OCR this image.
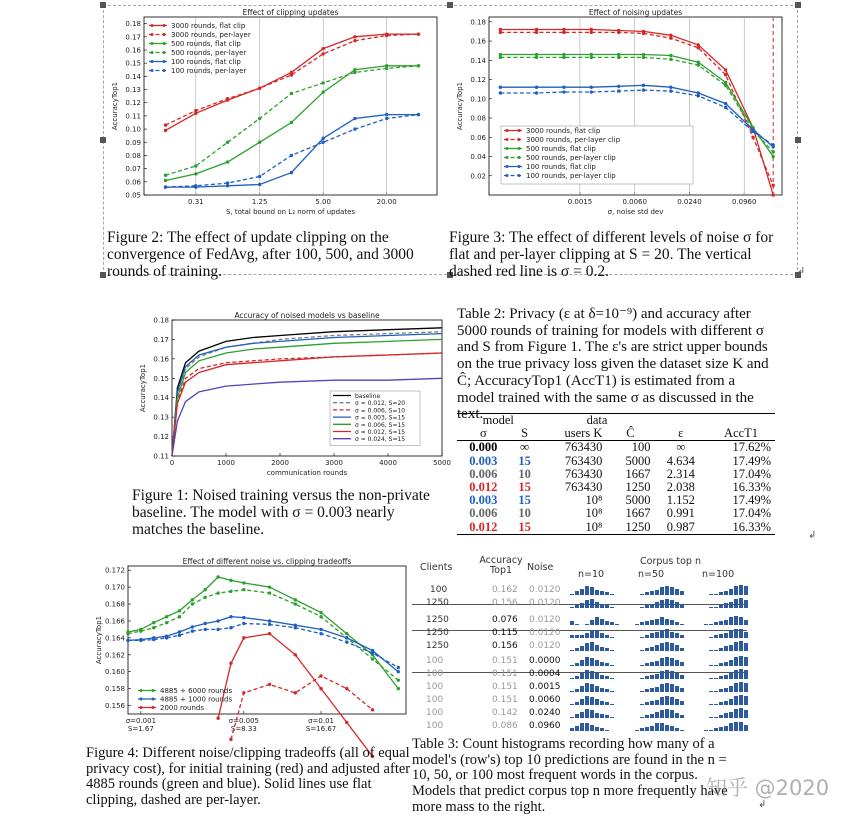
Effect of clipping updates
0.18
0.17
0.16
0.15
0.14
0.13
0.12
0.11
0.10
0.09
0.08
0.07
0.06
0.05
0.31	1.25	5.00	20.00
S, total bound on L₂ norm of updates
AccuracyTop1
3000 rounds, flat clip
3000 rounds, per-layer
500 rounds, flat clip
500 rounds, per-layer
100 rounds, flat clip
100 rounds, per-layer
Figure 2: The effect of update clipping on the convergence of FedAvg, after 100, 500, and 3000 rounds of training.
Effect of noising updates
0.18
0.16
0.14
0.12
0.10
0.08
0.06
0.04
0.02
0.0015	0.0060	0.0240	0.0960
σ, noise std dev
AccuracyTop1
3000 rounds, flat clip
3000 rounds, per-layer clip
500 rounds, flat clip
500 rounds, per-layer clip
100 rounds, flat clip
100 rounds, per-layer clip
Figure 3: The effect of different levels of noise σ for flat and per-layer clipping at S = 20. The vertical dashed red line is σ = 0.2.	↲
Accuracy of noised models vs baseline
0.18
0.17
0.16
0.15
0.14
0.13
0.12
0.11
0	1000	2000	3000	4000	5000
communication rounds
AccuracyTop1	baseline
σ = 0.012, S=20
σ = 0.006, S=10
σ = 0.003, S=15
σ = 0.006, S=15
σ = 0.012, S=15
σ = 0.024, S=15
Figure 1: Noised training versus the non-private baseline. The model with σ = 0.003 nearly matches the baseline.
Table 2: Privacy (ε at δ=10⁻⁹) and accuracy after 5000 rounds of training for models with different σ and S from Figure 1. The ε's are strict upper bounds on the true privacy loss given the dataset size K and Ĉ; AccuracyTop1 (AccT1) is estimated from a model trained with the same σ as discussed in the text. model		data			
σ	S	users K	Ĉ	ε	AccT1
0.000	∞	763430	100	∞	17.62%
0.003	15	763430	5000	4.634	17.49%
0.006	10	763430	1667	2.314	17.04%
0.012	15	763430	1250	2.038	16.33%
0.003	15	10⁸	5000	1.152	17.49%
0.006	10	10⁸	1667	0.991	17.04%
0.012	15	10⁸	1250	0.987	16.33%
↲
Effect of different noise vs. clipping tradeoffs
0.172
0.170
0.168
0.166
0.164
0.162
0.160
0.158
0.156
σ=0.001
S=1.67
σ=0.005
S=8.33
σ=0.01
S=16.67
AccuracyTop1
4885 + 6000 rounds
4885 + 1000 rounds
2000 rounds
Figure 4: Different noise/clipping tradeoffs (all of equal privacy cost), for initial training (red) and adjusted after 4885 rounds (green and blue). Solid lines use flat clipping, dashed are per-layer.
Clients
Accuracy Top1	Noise
Corpus top n
n=10	n=50	n=100
100	0.162 0.0120
1250	0.156 0.0120
1250	0.076 0.0120
1250	0.115 0.0120
1250	0.156 0.0120
100	0.151 0.0000
100	0.151 0.0004
100	0.151 0.0015
100	0.151 0.0060
100	0.142 0.0240
100	0.086 0.0960
Table 3: Count histograms recording how many of a model's (row's) top 10 predictions are found in the n = 10, 50, or 100 most frequent words in the corpus. Models that predict corpus top n more frequently have more mass to the right.
知乎 @2020
↲
